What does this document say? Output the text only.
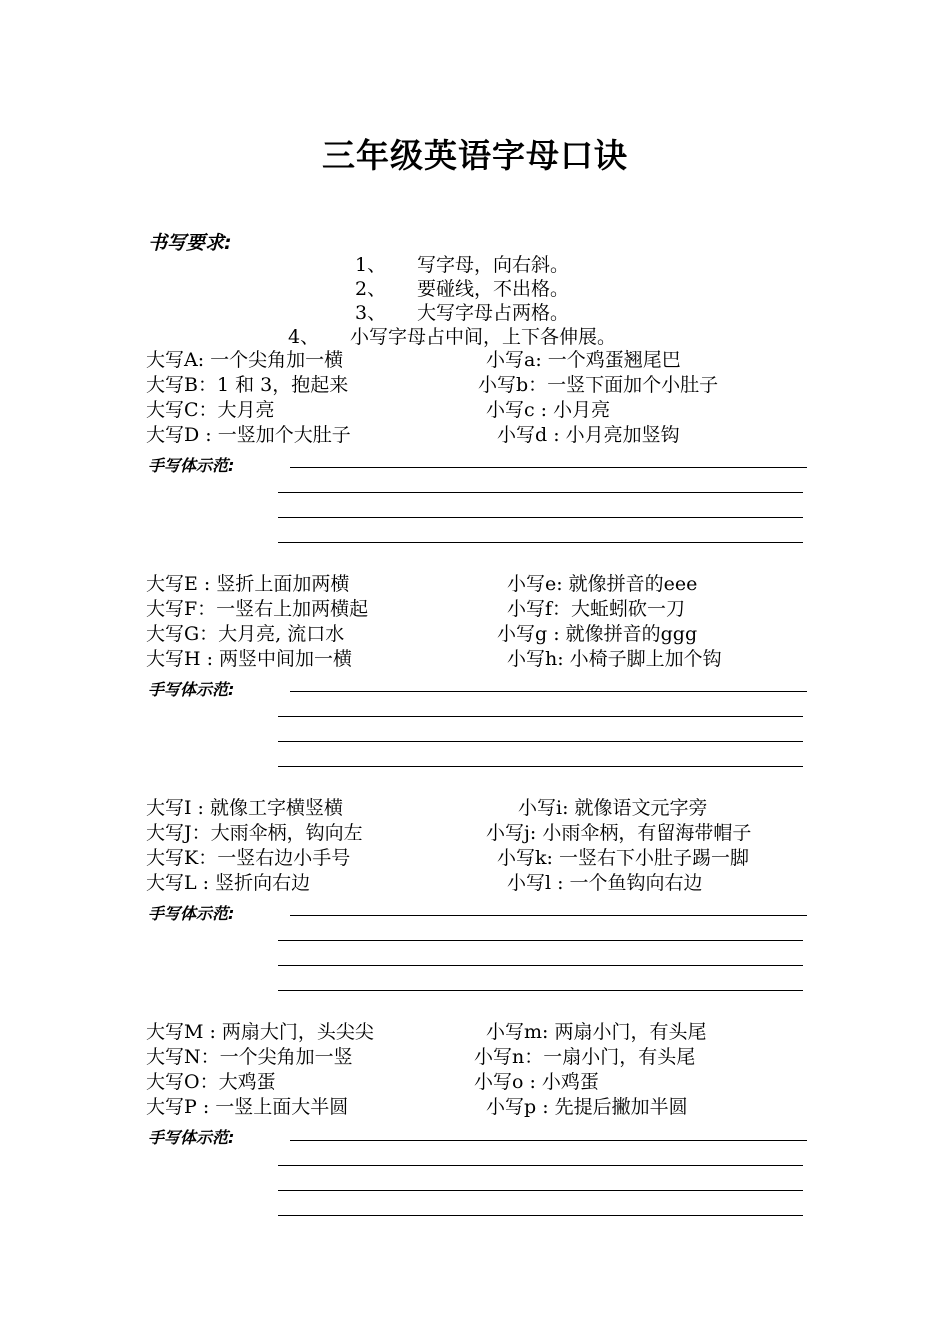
三年级英语字母口诀
书写要求:
1、 写字母，向右斜。
2、 要碰线，不出格。
3、 大写字母占两格。
4、 小写字母占中间，上下各伸展。
大写A: 一个尖角加一横	小写a: 一个鸡蛋翘尾巴
大写B：1 和 3，抱起来	小写b：一竖下面加个小肚子
大写C：大月亮	小写c : 小月亮
大写D : 一竖加个大肚子	小写d : 小月亮加竖钩
手写体示范:
大写E : 竖折上面加两横	小写e: 就像拼音的eee
大写F：一竖右上加两横起	小写f：大蚯蚓砍一刀
大写G：大月亮, 流口水	小写g : 就像拼音的ggg
大写H : 两竖中间加一横	小写h: 小椅子脚上加个钩
手写体示范:
大写I : 就像工字横竖横	小写i: 就像语文元字旁
大写J：大雨伞柄，钩向左	小写j: 小雨伞柄，有留海带帽子
大写K：一竖右边小手号	小写k: 一竖右下小肚子踢一脚
大写L : 竖折向右边	小写l : 一个鱼钩向右边
手写体示范:
大写M : 两扇大门，头尖尖	小写m: 两扇小门，有头尾
大写N：一个尖角加一竖	小写n：一扇小门，有头尾
大写O：大鸡蛋	小写o : 小鸡蛋
大写P : 一竖上面大半圆	小写p : 先提后撇加半圆
手写体示范:
